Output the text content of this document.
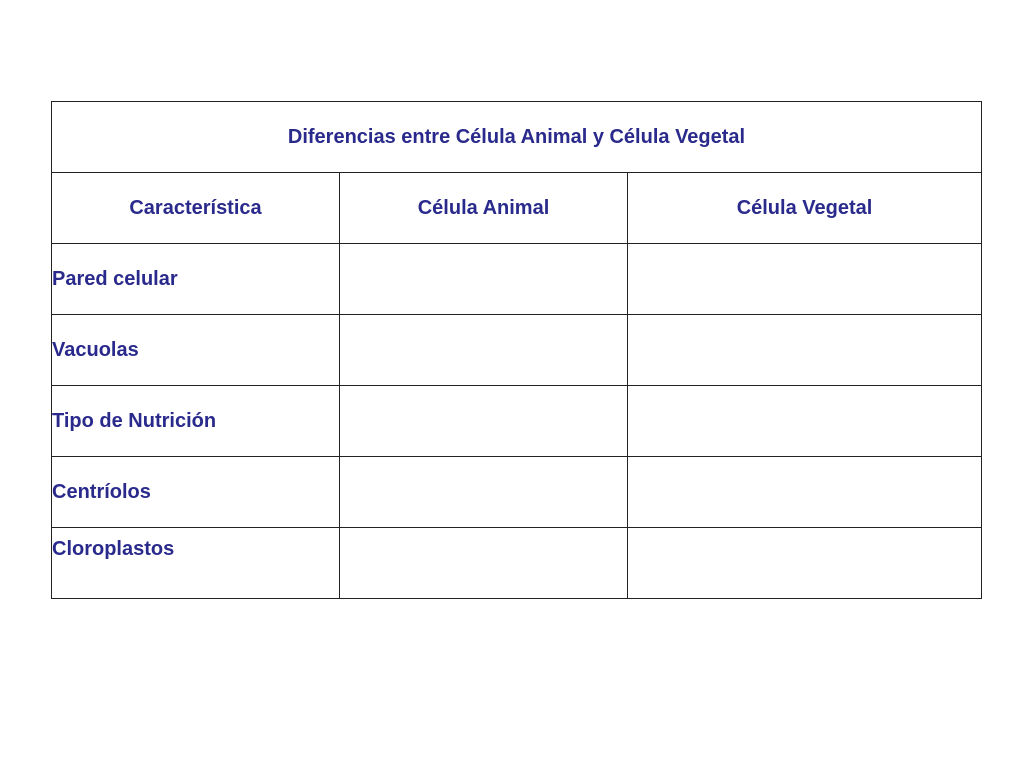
Diferencias entre Célula Animal y Célula Vegetal		
Característica	Célula Animal	Célula Vegetal
Pared celular		
Vacuolas		
Tipo de Nutrición		
Centríolos		
Cloroplastos		
